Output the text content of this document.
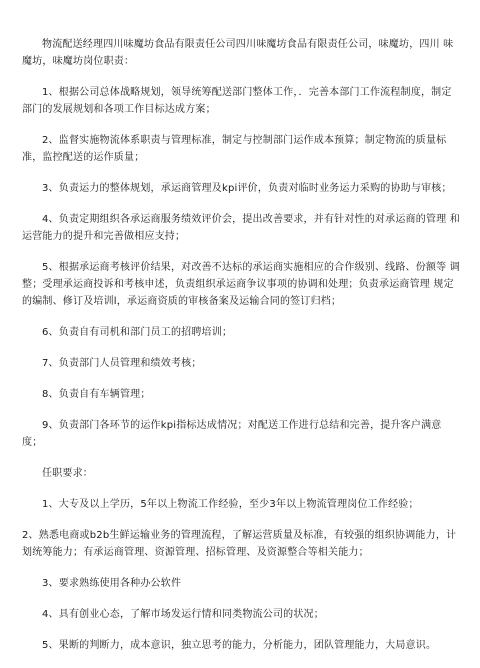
物流配送经理四川味魔坊食品有限责任公司四川味魔坊食品有限责任公司，味魔坊，四川 味魔坊，味魔坊岗位职责：

1、根据公司总体战略规划，领导统筹配送部门整体工作，．完善本部门工作流程制度，制定 部门的发展规划和各项工作目标达成方案；

2、监督实施物流体系职责与管理标准，制定与控制部门运作成本预算；制定物流的质量标 准，监控配送的运作质量；

3、负责运力的整体规划，承运商管理及kpi评价，负责对临时业务运力采购的协助与审核；

4、负责定期组织各承运商服务绩效评价会，提出改善要求，并有针对性的对承运商的管理 和运营能力的提升和完善做相应支持；

5、根据承运商考核评价结果，对改善不达标的承运商实施相应的合作级别、线路、份额等 调整；受理承运商投诉和考核申述，负责组织承运商争议事项的协调和处理；负责承运商管理 规定的编制、修订及培训l，承运商资质的审核备案及运输合同的签订归档；

6、负责自有司机和部门员工的招聘培训；

7、负责部门人员管理和绩效考核；

8、负责自有车辆管理；

9、负责部门各环节的运作kpi指标达成情况；对配送工作进行总结和完善，提升客户满意 度；

任职要求：

1、大专及以上学历，5年以上物流工作经验，至少3年以上物流管理岗位工作经验；

2、熟悉电商或b2b生鲜运输业务的管理流程，了解运营质量及标准，有较强的组织协调能力，计划统筹能力；有承运商管理、资源管理、招标管理、及资源整合等相关能力；

3、要求熟练使用各种办公软件

4、具有创业心态，了解市场发运行情和同类物流公司的状况；

5、果断的判断力，成本意识，独立思考的能力，分析能力，团队管理能力，大局意识。
